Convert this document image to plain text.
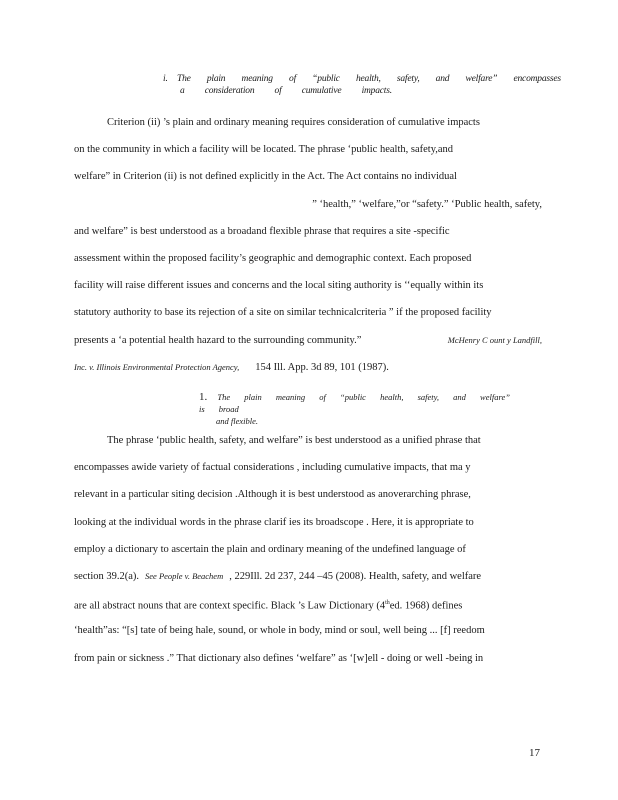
i. The plain meaning of “public health, safety, and welfare” encompasses
a consideration of cumulative impacts.
Criterion (ii) ’s plain and ordinary meaning requires consideration of cumulative impacts
on the community in which a facility will be located. The phrase ‘public health, safety,and
welfare” in Criterion (ii) is not defined explicitly in the Act. The Act contains no individual
” ‘health,” ‘welfare,”or “safety.” ‘Public health, safety,
and welfare” is best understood as a broadand flexible phrase that requires a site -specific
assessment within the proposed facility’s geographic and demographic context. Each proposed
facility will raise different issues and concerns and the local siting authority is ‘‘equally within its
statutory authority to base its rejection of a site on similar technicalcriteria ” if the proposed facility
presents a ‘a potential health hazard to the surrounding community.”	McHenry C ount y Landfill,
Inc. v. Illinois Environmental Protection Agency, 154 Ill. App. 3d 89, 101 (1987).
1. The plain meaning of “public health, safety, and welfare” is broad
and flexible.
The phrase ‘public health, safety, and welfare” is best understood as a unified phrase that
encompasses awide variety of factual considerations , including cumulative impacts, that ma y
relevant in a particular siting decision .Although it is best understood as anoverarching phrase,
looking at the individual words in the phrase clarif ies its broadscope . Here, it is appropriate to
employ a dictionary to ascertain the plain and ordinary meaning of the undefined language of
section 39.2(a). See People v. Beachem , 229Ill. 2d 237, 244 –45 (2008). Health, safety, and welfare
are all abstract nouns that are context specific. Black ’s Law Dictionary (4thed. 1968) defines
‘health”as: “[s] tate of being hale, sound, or whole in body, mind or soul, well being ... [f] reedom
from pain or sickness .” That dictionary also defines ‘welfare” as ‘[w]ell - doing or well -being in
17
